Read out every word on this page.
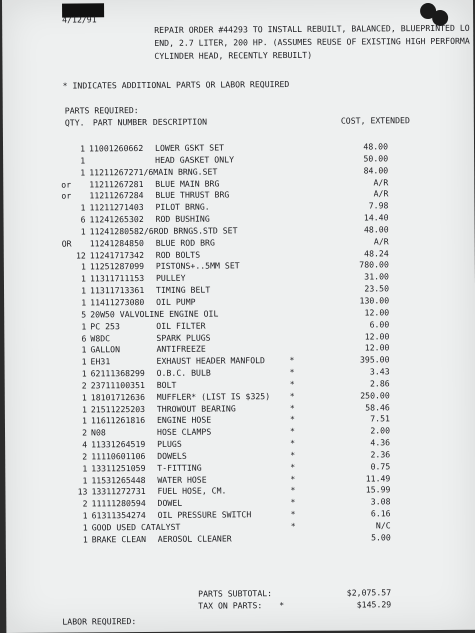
4/12/91
REPAIR ORDER #44293 TO INSTALL REBUILT, BALANCED, BLUEPRINTED LO
END, 2.7 LITER, 200 HP. (ASSUMES REUSE OF EXISTING HIGH PERFORMA
CYLINDER HEAD, RECENTLY REBUILT)
* INDICATES ADDITIONAL PARTS OR LABOR REQUIRED
PARTS REQUIRED:
QTY. PART NUMBER DESCRIPTION	COST, EXTENDED
1 11001260662 LOWER GSKT SET	48.00
1	HEAD GASKET ONLY	50.00
1 11211267271/6MAIN BRNG.SET	84.00
or 11211267281 BLUE MAIN BRG	A/R
or 11211267284 BLUE THRUST BRG	A/R
1 11211271403 PILOT BRNG.	7.98
6 11241265302 ROD BUSHING	14.40
1 11241280582/6ROD BRNGS.STD SET	48.00
OR 11241284850 BLUE ROD BRG	A/R
12 11241717342 ROD BOLTS	48.24
1 11251287099 PISTONS+..5MM SET	780.00
1 11311711153 PULLEY	31.00
1 11311713361 TIMING BELT	23.50
1 11411273080 OIL PUMP	130.00
5 20W50 VALVOLINE ENGINE OIL	12.00
1 PC 253	OIL FILTER	6.00
6 W8DC	SPARK PLUGS	12.00
1 GALLON	ANTIFREEZE	12.00
1 EH31	EXHAUST HEADER MANFOLD	*	395.00
1 62111368299 O.B.C. BULB	*	3.43
2 23711100351 BOLT	*	2.86
1 18101712636 MUFFLER* (LIST IS $325) *	250.00
1 21511225203 THROWOUT BEARING	*	58.46
1 11611261816 ENGINE HOSE	*	7.51
2 N08	HOSE CLAMPS	*	2.00
4 11331264519 PLUGS	*	4.36
2 11110601106 DOWELS	*	2.36
1 13311251059 T-FITTING	*	0.75
1 11531265448 WATER HOSE	*	11.49
13 13311272731 FUEL HOSE, CM.	*	15.99
2 11111280594 DOWEL	*	3.08
1 61311354274 OIL PRESSURE SWITCH	*	6.16
1 GOOD USED CATALYST	*	N/C
1 BRAKE CLEAN AEROSOL CLEANER	5.00
PARTS SUBTOTAL:	$2,075.57
TAX ON PARTS: *	$145.29
LABOR REQUIRED:
